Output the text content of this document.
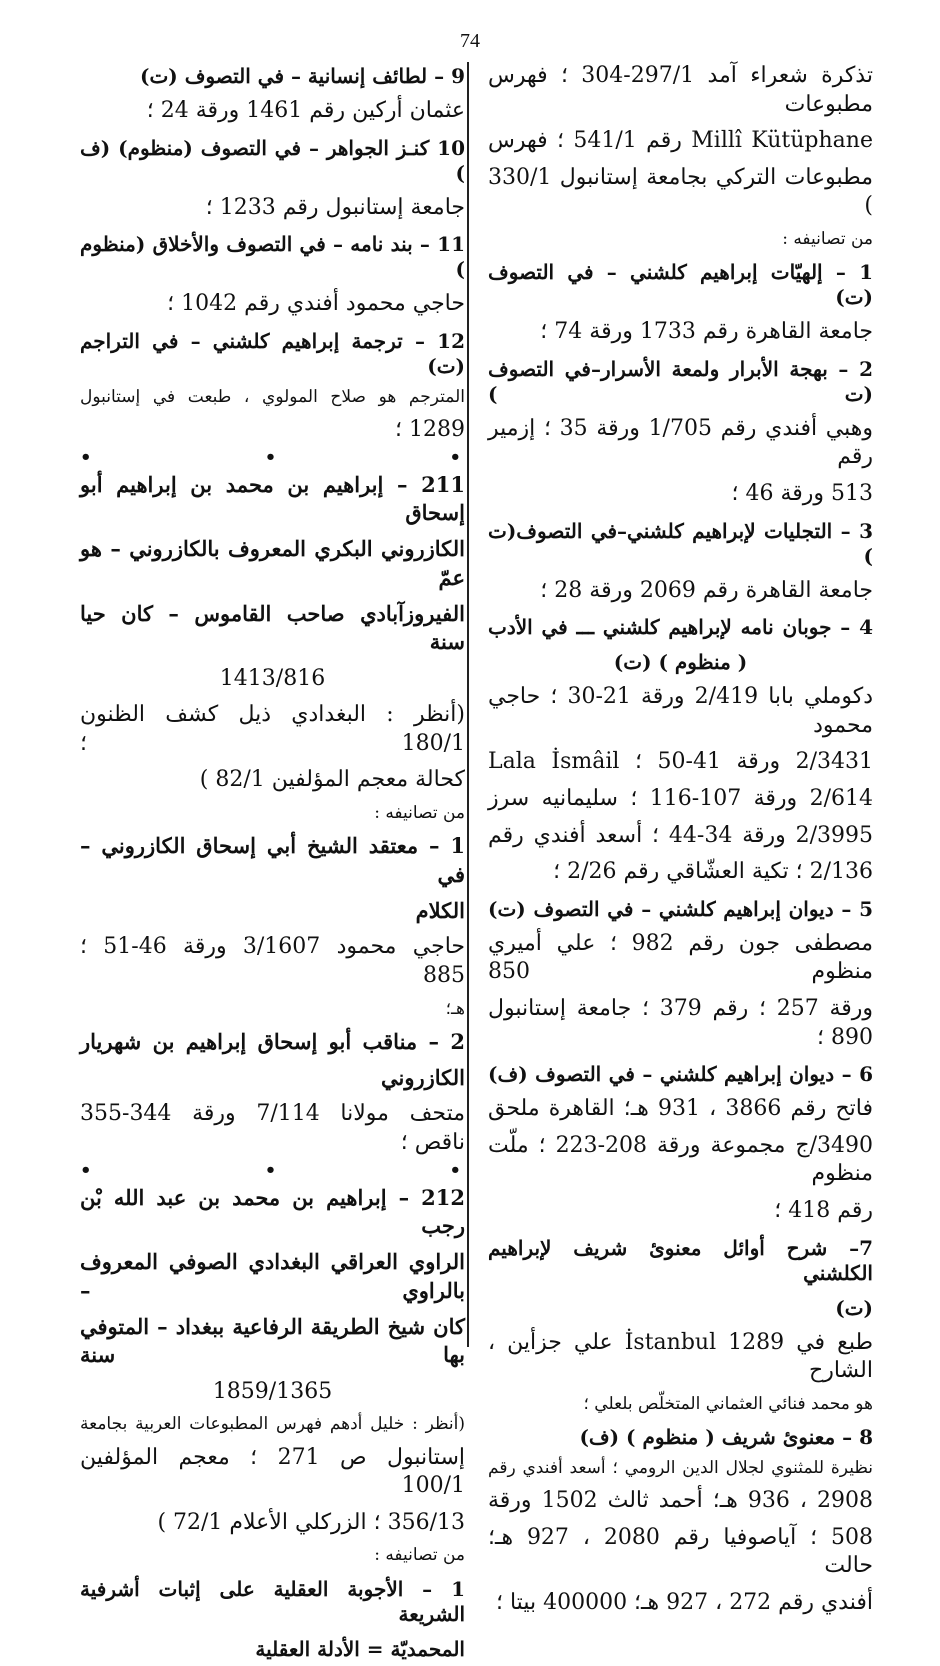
74

تذكرة شعراء آمد 297/1-304 ؛ فهرس مطبوعات

Millî Kütüphane رقم 541/1 ؛ فهرس

مطبوعات التركي بجامعة إستانبول 330/1 )

من تصانيفه :

1 – إلهيّات إبراهيم كلشني – في التصوف (ت)

جامعة القاهرة رقم 1733 ورقة 74 ؛

2 – بهجة الأبرار ولمعة الأسرار–في التصوف (ت )

وهبي أفندي رقم 1/705 ورقة 35 ؛ إزمير رقم

513 ورقة 46 ؛

3 – التجليات لإبراهيم كلشني–في التصوف(ت )

جامعة القاهرة رقم 2069 ورقة 28 ؛

4 – جوبان نامه لإبراهيم كلشني ـــ في الأدب

( منظوم ) (ت)

دكوملي بابا 2/419 ورقة 21-30 ؛ حاجي محمود

2/3431 ورقة 41-50 ؛ Lala İsmâil

2/614 ورقة 107-116 ؛ سليمانيه سرز

2/3995 ورقة 34-44 ؛ أسعد أفندي رقم

2/136 ؛ تكية العشّاقي رقم 2/26 ؛

5 – ديوان إبراهيم كلشني – في التصوف (ت)

مصطفى جون رقم 982 ؛ علي أميري منظوم 850

ورقة 257 ؛ رقم 379 ؛ جامعة إستانبول 890 ؛

6 – ديوان إبراهيم كلشني – في التصوف (ف)

فاتح رقم 3866 ، 931 هـ؛ القاهرة ملحق

3490/ج مجموعة ورقة 208-223 ؛ ملّت منظوم

رقم 418 ؛

7– شرح أوائل معنوئ شريف لإبراهيم الكلشني

(ت)

طبع في İstanbul 1289 علي جزأين ، الشارح

هو محمد فنائي العثماني المتخلّص بلعلي ؛

8 – معنوئ شريف ( منظوم ) (ف)

نظيرة للمثنوي لجلال الدين الرومي ؛ أسعد أفندي رقم

2908 ، 936 هـ؛ أحمد ثالث 1502 ورقة

508 ؛ آياصوفيا رقم 2080 ، 927 هـ؛ حالت

أفندي رقم 272 ، 927 هـ؛ 400000 بيتا ؛

9 – لطائف إنسانية – في التصوف (ت)

عثمان أركين رقم 1461 ورقة 24 ؛

10 كنـز الجواهر – في التصوف (منظوم) (ف )

جامعة إستانبول رقم 1233 ؛

11 – بند نامه – في التصوف والأخلاق (منظوم )

حاجي محمود أفندي رقم 1042 ؛

12 – ترجمة إبراهيم كلشني – في التراجم (ت)

المترجم هو صلاح المولوي ، طبعت في إستانبول

1289 ؛

• • •

211 – إبراهيم بن محمد بن إبراهيم أبو إسحاق

الكازروني البكري المعروف بالكازروني – هو عمّ

الفيروزآبادي صاحب القاموس – كان حيا سنة

1413/816

(أنظر : البغدادي ذيل كشف الظنون 180/1 ؛

كحالة معجم المؤلفين 82/1 )

من تصانيفه :

1 – معتقد الشيخ أبي إسحاق الكازروني – في

الكلام

حاجي محمود 3/1607 ورقة 46-51 ؛ 885

هـ؛

2 – مناقب أبو إسحاق إبراهيم بن شهريار

الكازروني

متحف مولانا 7/114 ورقة 344-355 ناقص ؛

• • •

212 – إبراهيم بن محمد بن عبد الله بْن رجب

الراوي العراقي البغدادي الصوفي المعروف بالراوي –

كان شيخ الطريقة الرفاعية ببغداد – المتوفي بها سنة

1859/1365

(أنظر : خليل أدهم فهرس المطبوعات العربية بجامعة

إستانبول ص 271 ؛ معجم المؤلفين 100/1

356/13 ؛ الزركلي الأعلام 72/1 )

من تصانيفه :

1 – الأجوبة العقلية على إثبات أشرفية الشريعة

المحمديّة = الأدلة العقلية
